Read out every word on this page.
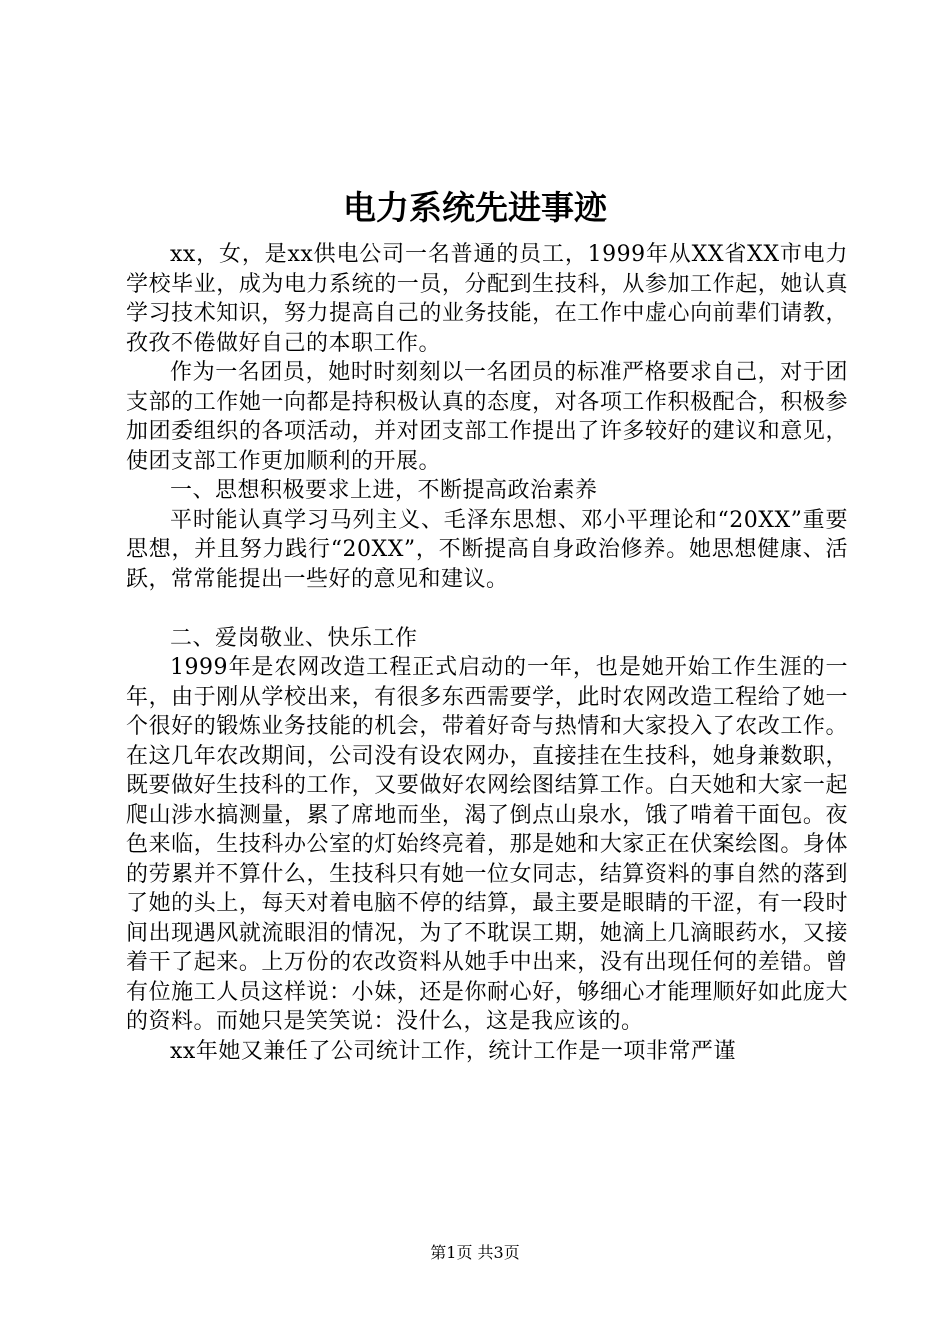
电力系统先进事迹

xx，女，是xx供电公司一名普通的员工，1999年从XX省XX市电力学校毕业，成为电力系统的一员，分配到生技科，从参加工作起，她认真学习技术知识，努力提高自己的业务技能，在工作中虚心向前辈们请教，孜孜不倦做好自己的本职工作。

作为一名团员，她时时刻刻以一名团员的标准严格要求自己，对于团支部的工作她一向都是持积极认真的态度，对各项工作积极配合，积极参加团委组织的各项活动，并对团支部工作提出了许多较好的建议和意见，使团支部工作更加顺利的开展。

一、思想积极要求上进，不断提高政治素养

平时能认真学习马列主义、毛泽东思想、邓小平理论和“20XX”重要思想，并且努力践行“20XX”，不断提高自身政治修养。她思想健康、活跃，常常能提出一些好的意见和建议。

二、爱岗敬业、快乐工作

1999年是农网改造工程正式启动的一年，也是她开始工作生涯的一年，由于刚从学校出来，有很多东西需要学，此时农网改造工程给了她一个很好的锻炼业务技能的机会，带着好奇与热情和大家投入了农改工作。在这几年农改期间，公司没有设农网办，直接挂在生技科，她身兼数职，既要做好生技科的工作，又要做好农网绘图结算工作。白天她和大家一起爬山涉水搞测量，累了席地而坐，渴了倒点山泉水，饿了啃着干面包。夜色来临，生技科办公室的灯始终亮着，那是她和大家正在伏案绘图。身体的劳累并不算什么，生技科只有她一位女同志，结算资料的事自然的落到了她的头上，每天对着电脑不停的结算，最主要是眼睛的干涩，有一段时间出现遇风就流眼泪的情况，为了不耽误工期，她滴上几滴眼药水，又接着干了起来。上万份的农改资料从她手中出来，没有出现任何的差错。曾有位施工人员这样说：小妹，还是你耐心好，够细心才能理顺好如此庞大的资料。而她只是笑笑说：没什么，这是我应该的。

xx年她又兼任了公司统计工作，统计工作是一项非常严谨

第1页 共3页
